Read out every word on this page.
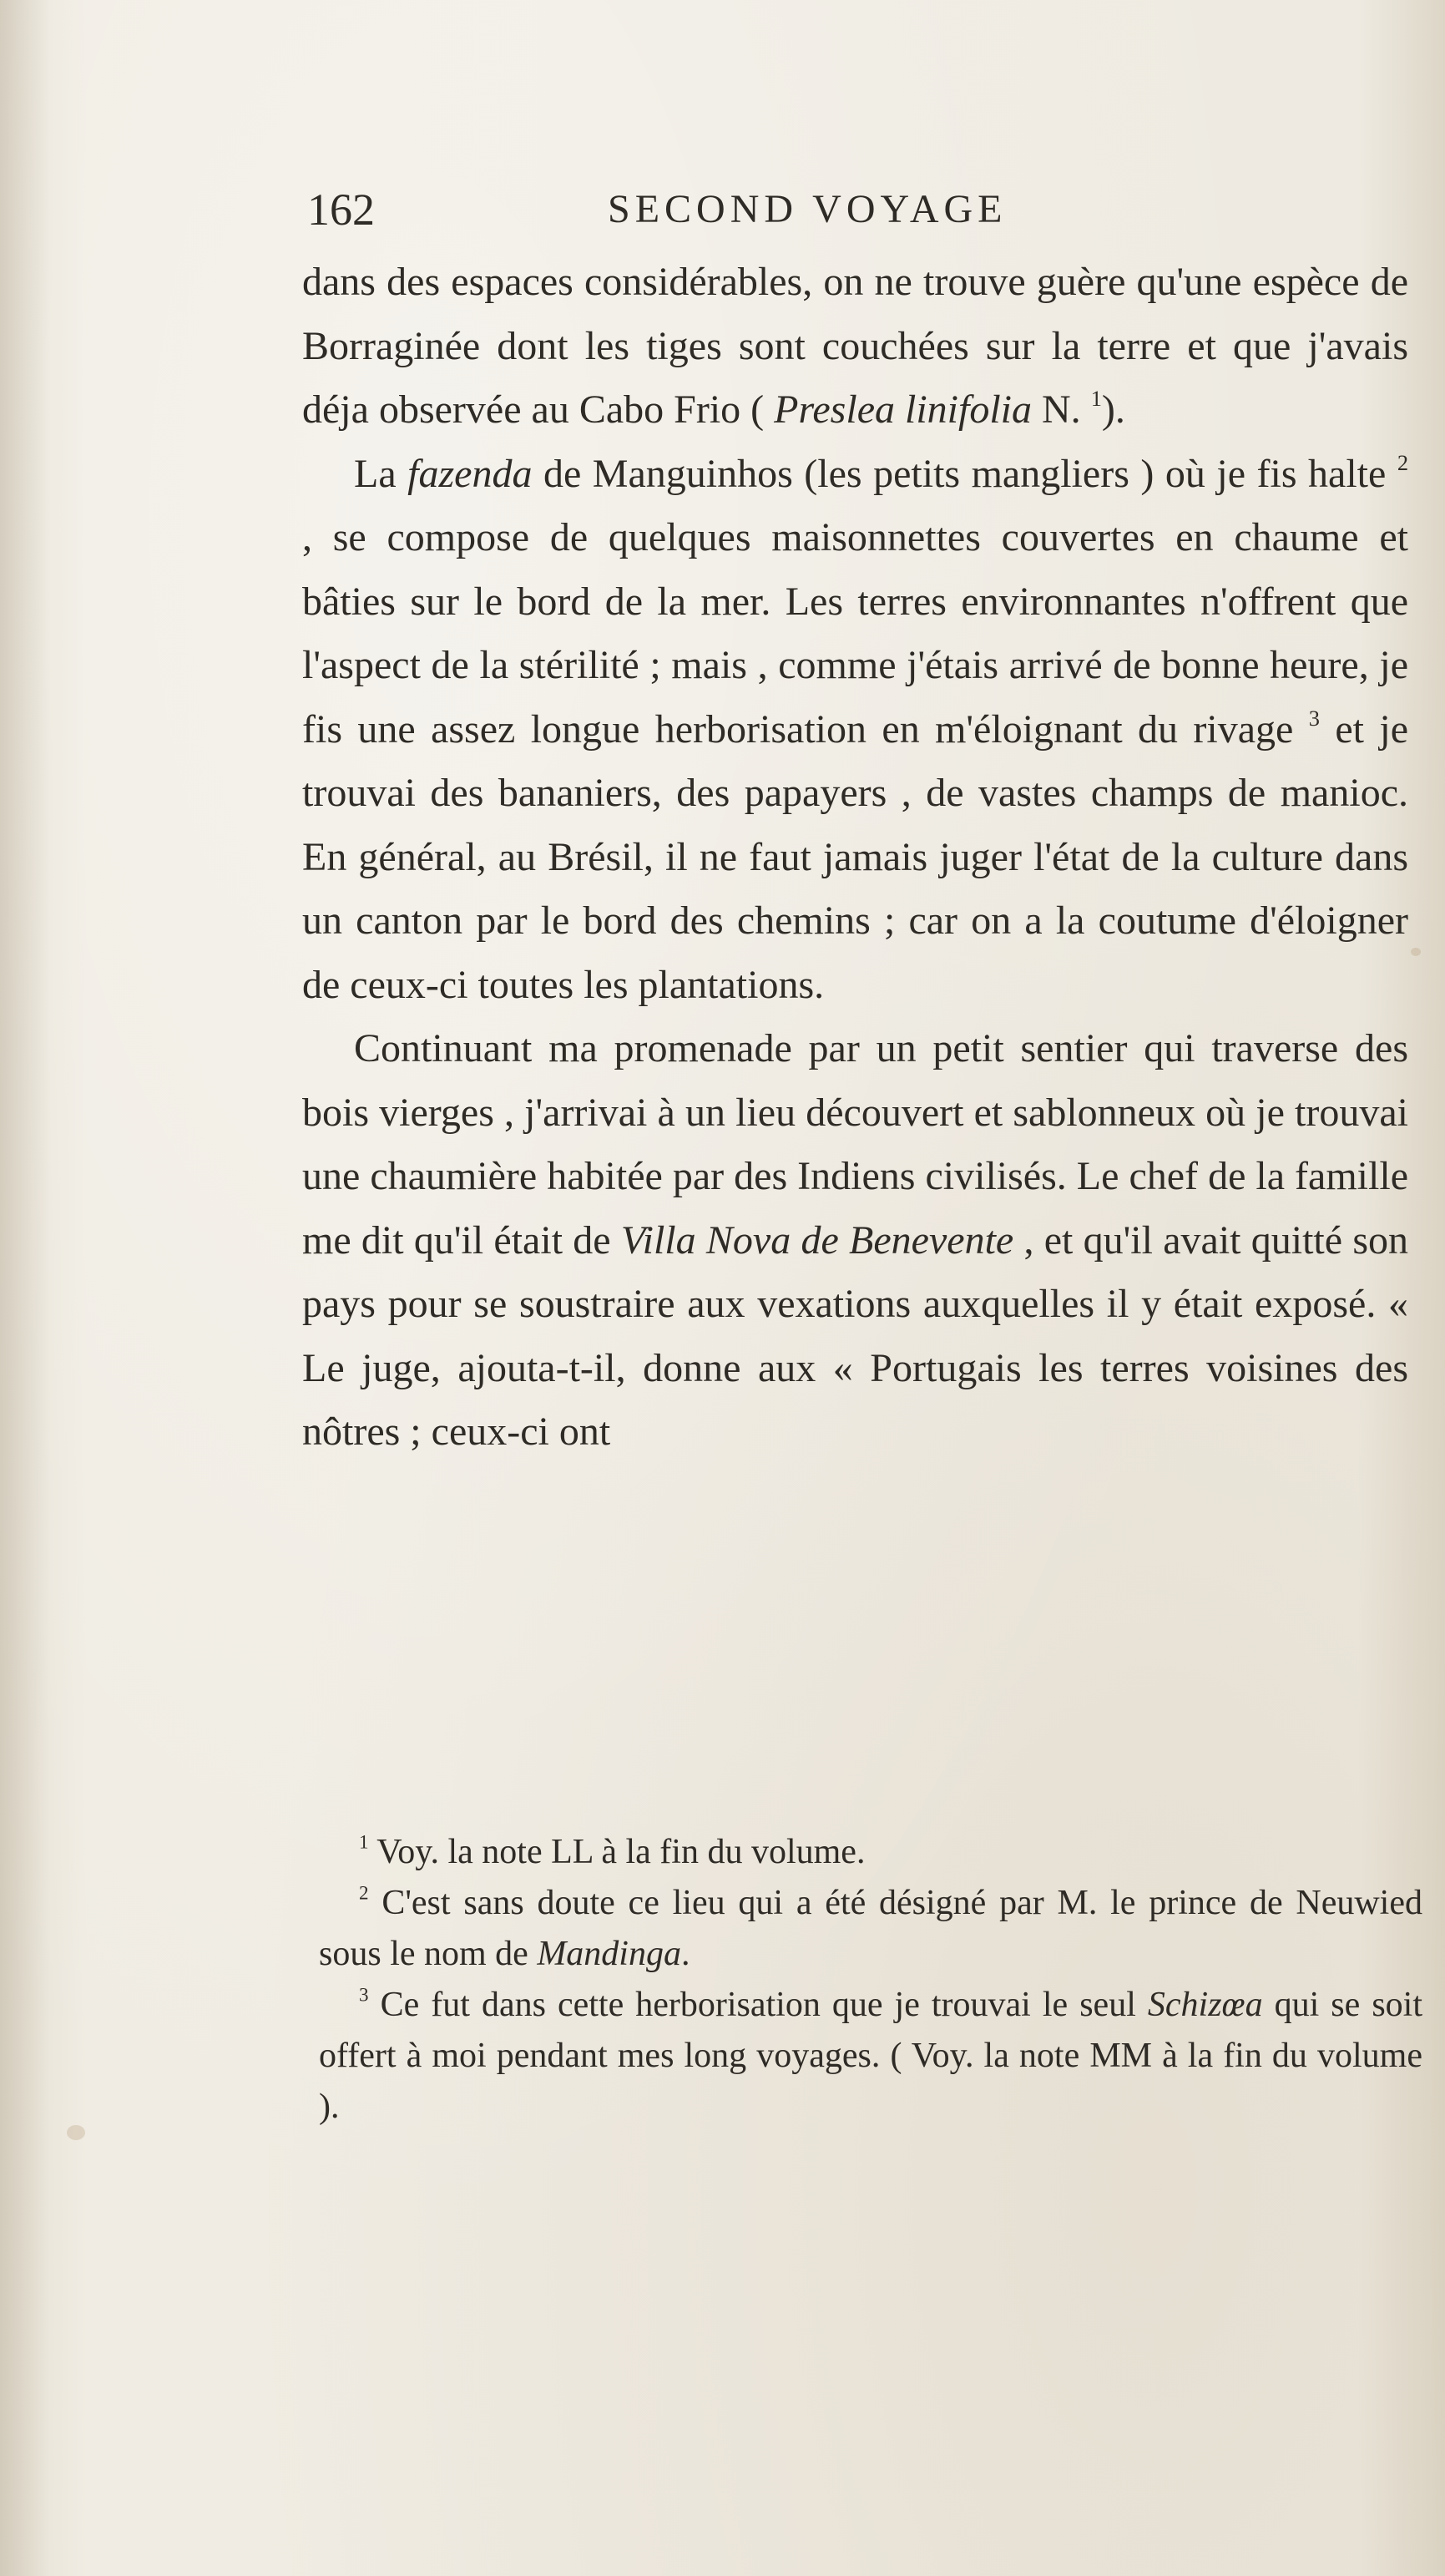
162	SECOND VOYAGE

dans des espaces considérables, on ne trouve guère qu'une espèce de Borraginée dont les tiges sont couchées sur la terre et que j'avais déja observée au Cabo Frio ( Preslea linifolia N. $^1$).

La fazenda de Manguinhos (les petits mangliers ) où je fis halte $^2$ , se compose de quelques maisonnettes couvertes en chaume et bâties sur le bord de la mer. Les terres environnantes n'offrent que l'aspect de la stérilité ; mais , comme j'étais arrivé de bonne heure, je fis une assez longue herborisation en m'éloignant du rivage $^3$ et je trouvai des bananiers, des papayers , de vastes champs de manioc. En général, au Brésil, il ne faut jamais juger l'état de la culture dans un canton par le bord des chemins ; car on a la coutume d'éloigner de ceux-ci toutes les plantations.

Continuant ma promenade par un petit sentier qui traverse des bois vierges , j'arrivai à un lieu découvert et sablonneux où je trouvai une chaumière habitée par des Indiens civilisés. Le chef de la famille me dit qu'il était de Villa Nova de Benevente , et qu'il avait quitté son pays pour se soustraire aux vexations auxquelles il y était exposé. « Le juge, ajouta-t-il, donne aux « Portugais les terres voisines des nôtres ; ceux-ci ont

$^1$ Voy. la note LL à la fin du volume.

$^2$ C'est sans doute ce lieu qui a été désigné par M. le prince de Neuwied sous le nom de Mandinga.

$^3$ Ce fut dans cette herborisation que je trouvai le seul Schizœa qui se soit offert à moi pendant mes long voyages. ( Voy. la note MM à la fin du volume ).
